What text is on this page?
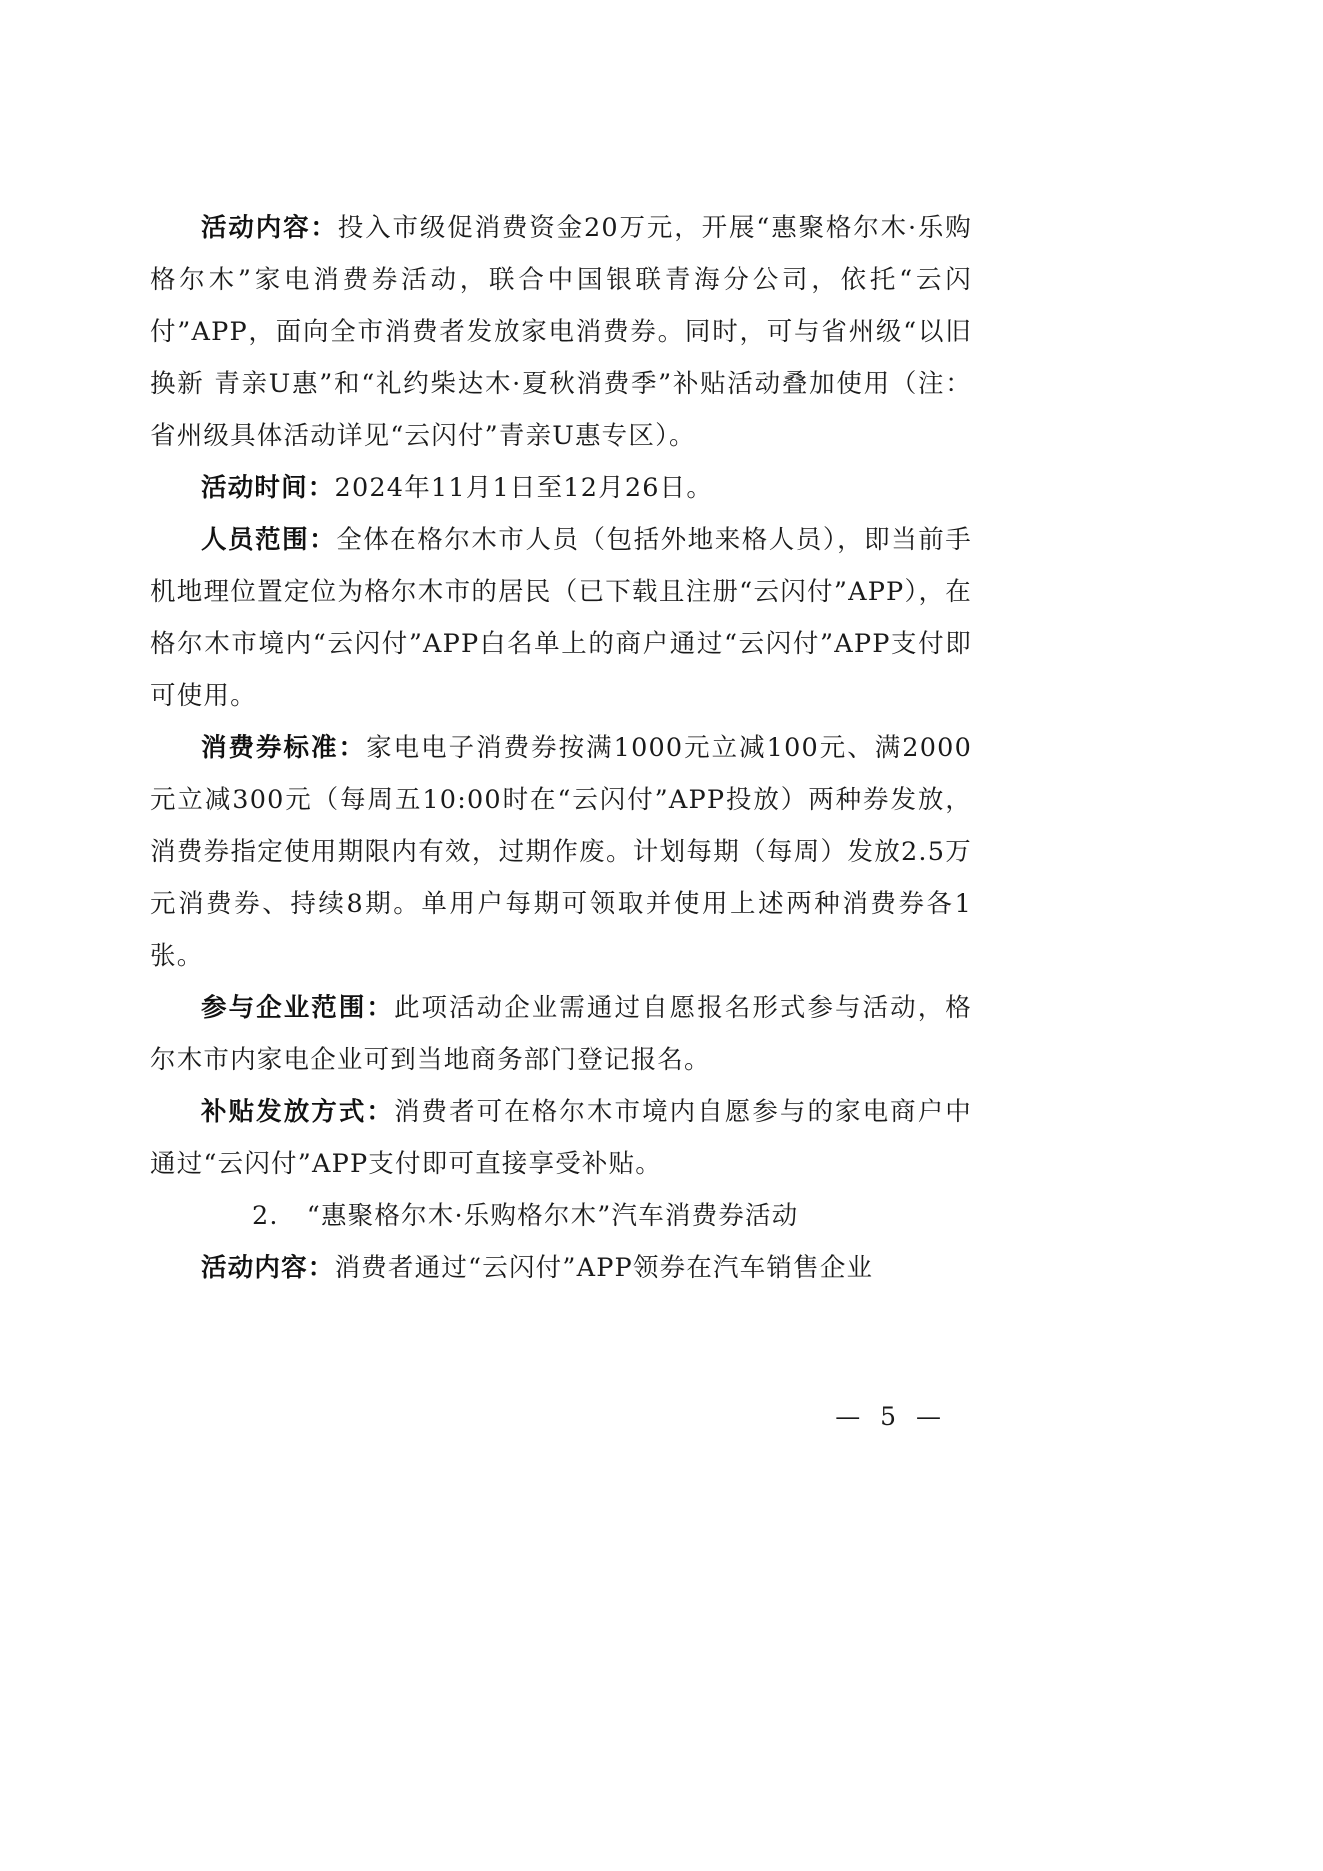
活动内容：投入市级促消费资金20万元，开展“惠聚格尔木·乐购格尔木”家电消费券活动，联合中国银联青海分公司，依托“云闪付”APP，面向全市消费者发放家电消费券。同时，可与省州级“以旧换新 青亲U惠”和“礼约柴达木·夏秋消费季”补贴活动叠加使用（注：省州级具体活动详见“云闪付”青亲U惠专区）。

活动时间：2024年11月1日至12月26日。

人员范围：全体在格尔木市人员（包括外地来格人员），即当前手机地理位置定位为格尔木市的居民（已下载且注册“云闪付”APP），在格尔木市境内“云闪付”APP白名单上的商户通过“云闪付”APP支付即可使用。

消费券标准：家电电子消费券按满1000元立减100元、满2000元立减300元（每周五10:00时在“云闪付”APP投放）两种券发放，消费券指定使用期限内有效，过期作废。计划每期（每周）发放2.5万元消费券、持续8期。单用户每期可领取并使用上述两种消费券各1张。

参与企业范围：此项活动企业需通过自愿报名形式参与活动，格尔木市内家电企业可到当地商务部门登记报名。

补贴发放方式：消费者可在格尔木市境内自愿参与的家电商户中通过“云闪付”APP支付即可直接享受补贴。

2. “惠聚格尔木·乐购格尔木”汽车消费券活动

活动内容：消费者通过“云闪付”APP领券在汽车销售企业

— 5 —
